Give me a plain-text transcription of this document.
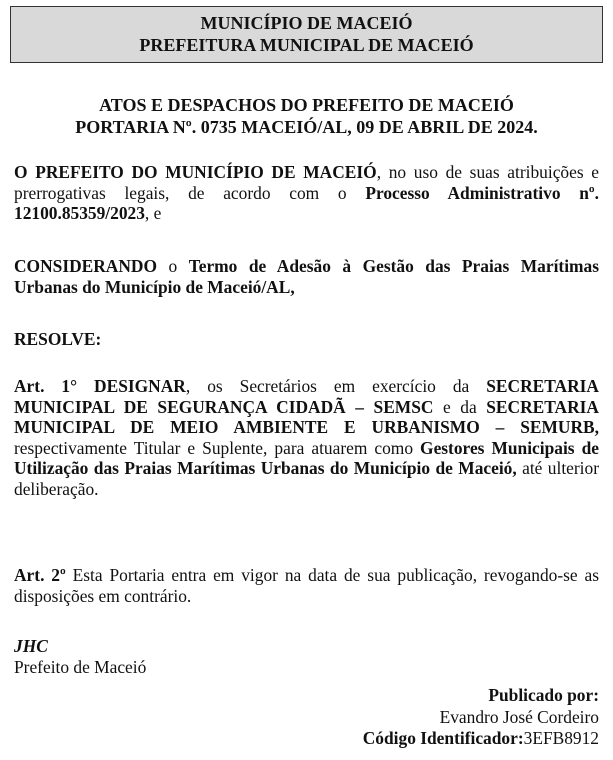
MUNICÍPIO DE MACEIÓ
PREFEITURA MUNICIPAL DE MACEIÓ
ATOS E DESPACHOS DO PREFEITO DE MACEIÓ
PORTARIA Nº. 0735 MACEIÓ/AL, 09 DE ABRIL DE 2024.
O PREFEITO DO MUNICÍPIO DE MACEIÓ, no uso de suas atribuições e prerrogativas legais, de acordo com o Processo Administrativo nº. 12100.85359/2023, e
CONSIDERANDO o Termo de Adesão à Gestão das Praias Marítimas Urbanas do Município de Maceió/AL,
RESOLVE:
Art. 1° DESIGNAR, os Secretários em exercício da SECRETARIA MUNICIPAL DE SEGURANÇA CIDADÃ – SEMSC e da SECRETARIA MUNICIPAL DE MEIO AMBIENTE E URBANISMO – SEMURB, respectivamente Titular e Suplente, para atuarem como Gestores Municipais de Utilização das Praias Marítimas Urbanas do Município de Maceió, até ulterior deliberação.
Art. 2º Esta Portaria entra em vigor na data de sua publicação, revogando-se as disposições em contrário.
JHC
Prefeito de Maceió
Publicado por:
Evandro José Cordeiro
Código Identificador:3EFB8912
